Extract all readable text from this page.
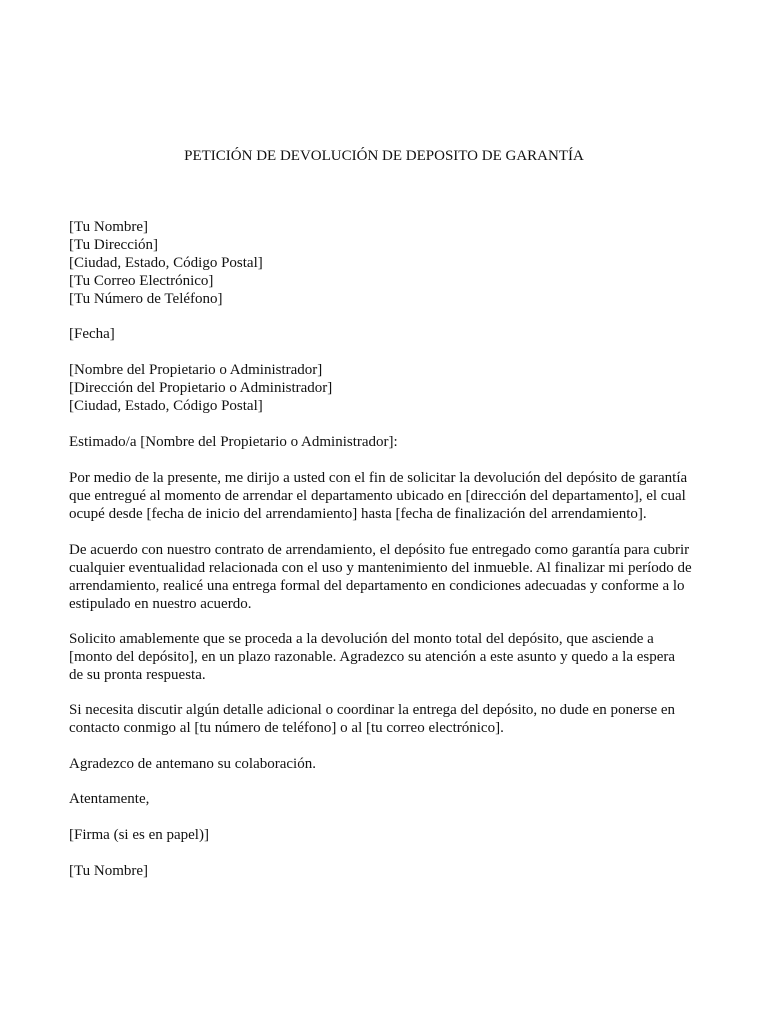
PETICIÓN DE DEVOLUCIÓN DE DEPOSITO DE GARANTÍA
[Tu Nombre]
[Tu Dirección]
[Ciudad, Estado, Código Postal]
[Tu Correo Electrónico]
[Tu Número de Teléfono]
[Fecha]
[Nombre del Propietario o Administrador]
[Dirección del Propietario o Administrador]
[Ciudad, Estado, Código Postal]
Estimado/a [Nombre del Propietario o Administrador]:
Por medio de la presente, me dirijo a usted con el fin de solicitar la devolución del depósito de garantía
que entregué al momento de arrendar el departamento ubicado en [dirección del departamento], el cual
ocupé desde [fecha de inicio del arrendamiento] hasta [fecha de finalización del arrendamiento].
De acuerdo con nuestro contrato de arrendamiento, el depósito fue entregado como garantía para cubrir
cualquier eventualidad relacionada con el uso y mantenimiento del inmueble. Al finalizar mi período de
arrendamiento, realicé una entrega formal del departamento en condiciones adecuadas y conforme a lo
estipulado en nuestro acuerdo.
Solicito amablemente que se proceda a la devolución del monto total del depósito, que asciende a
[monto del depósito], en un plazo razonable. Agradezco su atención a este asunto y quedo a la espera
de su pronta respuesta.
Si necesita discutir algún detalle adicional o coordinar la entrega del depósito, no dude en ponerse en
contacto conmigo al [tu número de teléfono] o al [tu correo electrónico].
Agradezco de antemano su colaboración.
Atentamente,
[Firma (si es en papel)]
[Tu Nombre]
